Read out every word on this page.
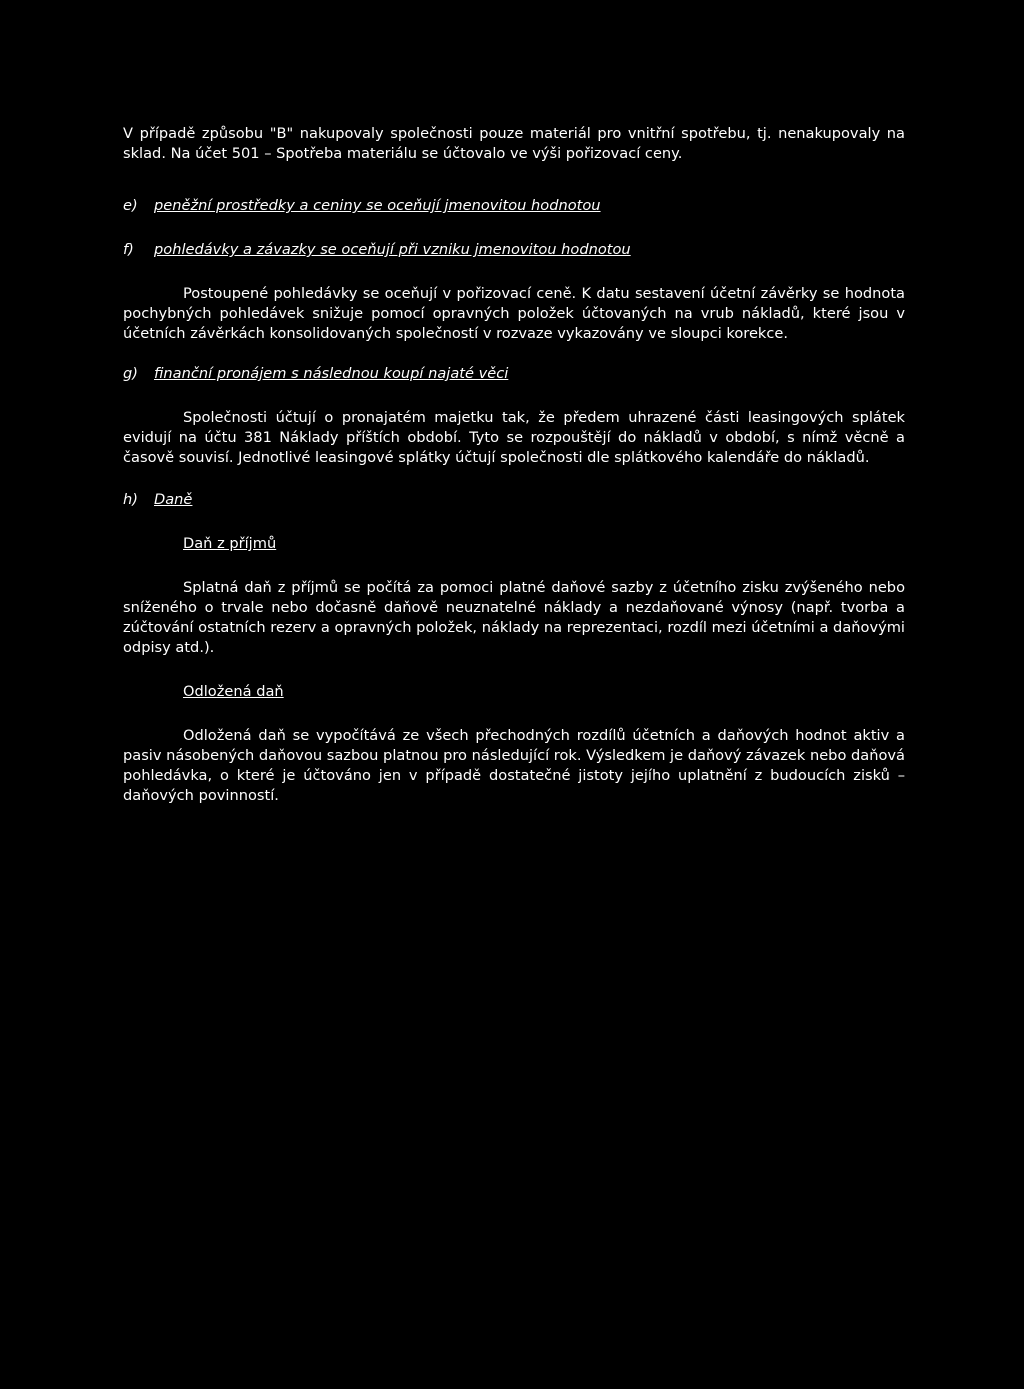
V případě způsobu "B" nakupovaly společnosti pouze materiál pro vnitřní spotřebu, tj. nenakupovaly na sklad. Na účet 501 – Spotřeba materiálu se účtovalo ve výši pořizovací ceny.

e)	peněžní prostředky a ceniny se oceňují jmenovitou hodnotou
f)	pohledávky a závazky se oceňují při vzniku jmenovitou hodnotou

Postoupené pohledávky se oceňují v pořizovací ceně. K datu sestavení účetní závěrky se hodnota pochybných pohledávek snižuje pomocí opravných položek účtovaných na vrub nákladů, které jsou v účetních závěrkách konsolidovaných společností v rozvaze vykazovány ve sloupci korekce.

g)	finanční pronájem s následnou koupí najaté věci

Společnosti účtují o pronajatém majetku tak, že předem uhrazené části leasingových splátek evidují na účtu 381 Náklady příštích období. Tyto se rozpouštějí do nákladů v období, s nímž věcně a časově souvisí. Jednotlivé leasingové splátky účtují společnosti dle splátkového kalendáře do nákladů.

h)	Daně
Daň z příjmů

Splatná daň z příjmů se počítá za pomoci platné daňové sazby z účetního zisku zvýšeného nebo sníženého o trvale nebo dočasně daňově neuznatelné náklady a nezdaňované výnosy (např. tvorba a zúčtování ostatních rezerv a opravných položek, náklady na reprezentaci, rozdíl mezi účetními a daňovými odpisy atd.).

Odložená daň

Odložená daň se vypočítává ze všech přechodných rozdílů účetních a daňových hodnot aktiv a pasiv násobených daňovou sazbou platnou pro následující rok. Výsledkem je daňový závazek nebo daňová pohledávka, o které je účtováno jen v případě dostatečné jistoty jejího uplatnění z budoucích zisků – daňových povinností.
